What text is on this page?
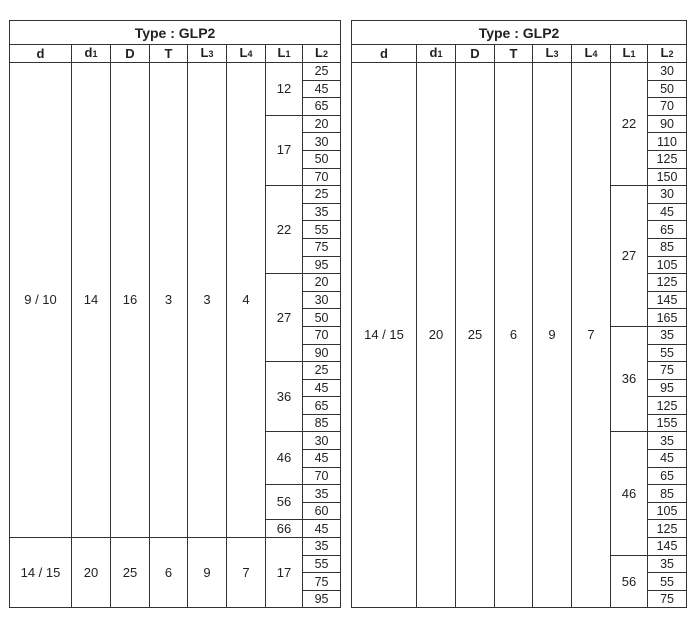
Type : GLP2							
d	d1	D	T	L3	L4	L1	L2
9 / 10	14	16	3	3	4	12	25
							45
							65
						17	20
							30
							50
							70
						22	25
							35
							55
							75
							95
						27	20
							30
							50
							70
							90
						36	25
							45
							65
							85
						46	30
							45
							70
						56	35
							60
						66	45
14 / 15	20	25	6	9	7	17	35
							55
							75
							95
Type : GLP2							
d	d1	D	T	L3	L4	L1	L2
14 / 15	20	25	6	9	7	22	30
							50
							70
							90
							110
							125
							150
						27	30
							45
							65
							85
							105
							125
							145
							165
						36	35
							55
							75
							95
							125
							155
						46	35
							45
							65
							85
							105
							125
							145
						56	35
							55
							75
